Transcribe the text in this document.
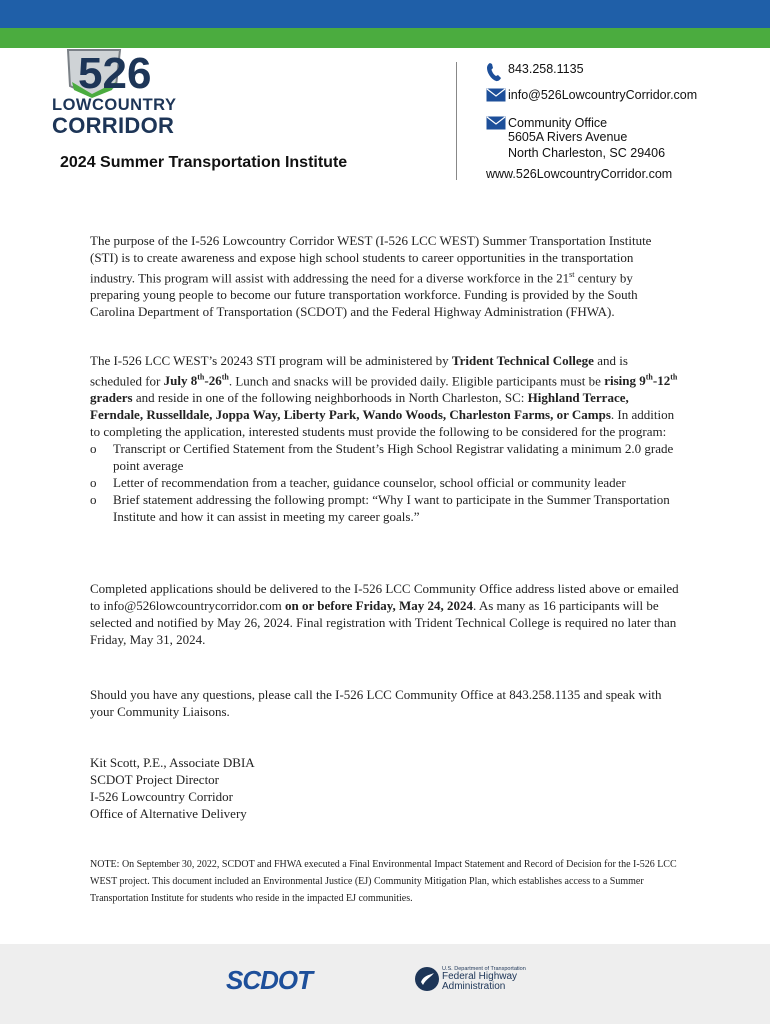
526
LOWCOUNTRY
CORRIDOR
2024 Summer Transportation Institute
843.258.1135
info@526LowcountryCorridor.com
Community Office
5605A Rivers Avenue
North Charleston, SC 29406
www.526LowcountryCorridor.com

The purpose of the I-526 Lowcountry Corridor WEST (I-526 LCC WEST) Summer Transportation Institute (STI) is to create awareness and expose high school students to career opportunities in the transportation industry. This program will assist with addressing the need for a diverse workforce in the 21st century by preparing young people to become our future transportation workforce. Funding is provided by the South Carolina Department of Transportation (SCDOT) and the Federal Highway Administration (FHWA).

The I-526 LCC WEST’s 20243 STI program will be administered by Trident Technical College and is scheduled for July 8th-26th. Lunch and snacks will be provided daily. Eligible participants must be rising 9th-12th graders and reside in one of the following neighborhoods in North Charleston, SC: Highland Terrace, Ferndale, Russelldale, Joppa Way, Liberty Park, Wando Woods, Charleston Farms, or Camps. In addition to completing the application, interested students must provide the following to be considered for the program:

o Transcript or Certified Statement from the Student’s High School Registrar validating a minimum 2.0 grade point average
o Letter of recommendation from a teacher, guidance counselor, school official or community leader
o Brief statement addressing the following prompt: “Why I want to participate in the Summer Transportation Institute and how it can assist in meeting my career goals.”

Completed applications should be delivered to the I-526 LCC Community Office address listed above or emailed to info@526lowcountrycorridor.com on or before Friday, May 24, 2024. As many as 16 participants will be selected and notified by May 26, 2024. Final registration with Trident Technical College is required no later than Friday, May 31, 2024.

Should you have any questions, please call the I-526 LCC Community Office at 843.258.1135 and speak with your Community Liaisons.

Kit Scott, P.E., Associate DBIA
SCDOT Project Director
I-526 Lowcountry Corridor
Office of Alternative Delivery
NOTE: On September 30, 2022, SCDOT and FHWA executed a Final Environmental Impact Statement and Record of Decision for the I-526 LCC WEST project. This document included an Environmental Justice (EJ) Community Mitigation Plan, which establishes access to a Summer Transportation Institute for students who reside in the impacted EJ communities.
SCDOT	U.S. Department of Transportation
Federal Highway
Administration
